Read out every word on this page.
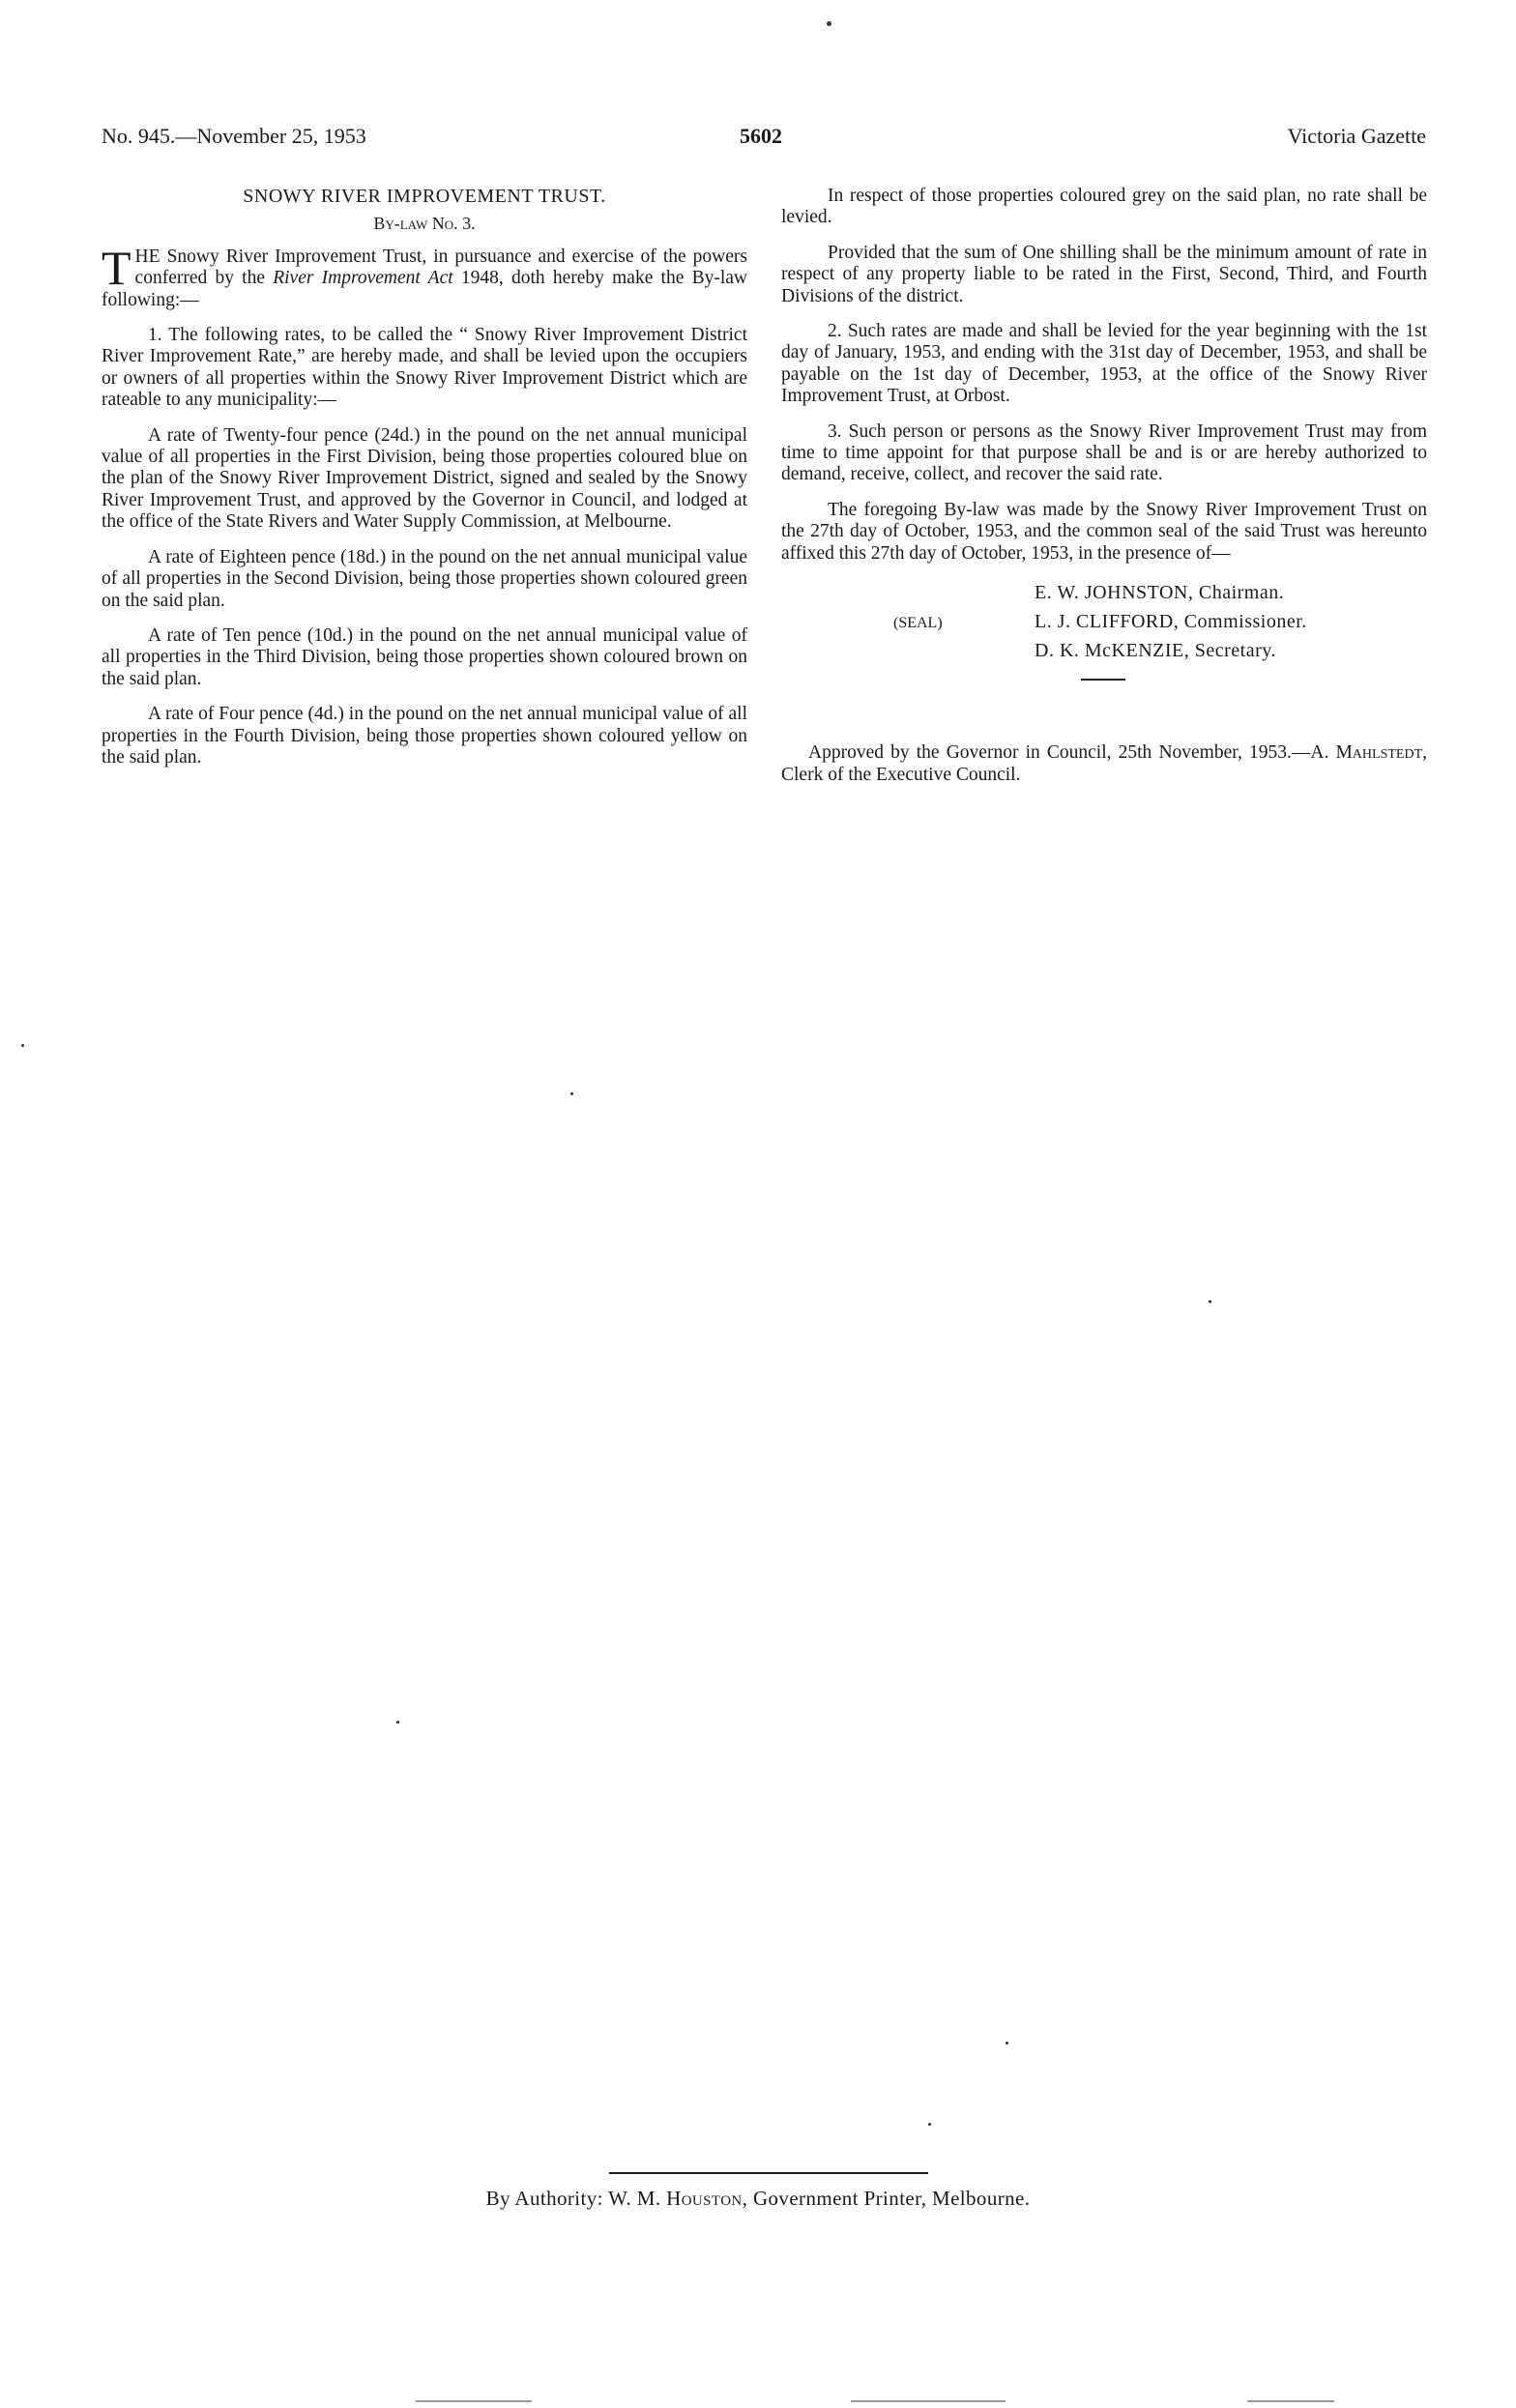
No. 945.—November 25, 1953	5602	Victoria Gazette
SNOWY RIVER IMPROVEMENT TRUST.
By-law No. 3.

THE Snowy River Improvement Trust, in pursuance and exercise of the powers conferred by the River Improvement Act 1948, doth hereby make the By-law following:—

1. The following rates, to be called the “ Snowy River Improvement District River Improvement Rate,” are hereby made, and shall be levied upon the occupiers or owners of all properties within the Snowy River Improvement District which are rateable to any municipality:—

A rate of Twenty-four pence (24d.) in the pound on the net annual municipal value of all properties in the First Division, being those properties coloured blue on the plan of the Snowy River Improvement District, signed and sealed by the Snowy River Improvement Trust, and approved by the Governor in Council, and lodged at the office of the State Rivers and Water Supply Commission, at Melbourne.

A rate of Eighteen pence (18d.) in the pound on the net annual municipal value of all properties in the Second Division, being those properties shown coloured green on the said plan.

A rate of Ten pence (10d.) in the pound on the net annual municipal value of all properties in the Third Division, being those properties shown coloured brown on the said plan.

A rate of Four pence (4d.) in the pound on the net annual municipal value of all properties in the Fourth Division, being those properties shown coloured yellow on the said plan.

In respect of those properties coloured grey on the said plan, no rate shall be levied.

Provided that the sum of One shilling shall be the minimum amount of rate in respect of any property liable to be rated in the First, Second, Third, and Fourth Divisions of the district.

2. Such rates are made and shall be levied for the year beginning with the 1st day of January, 1953, and ending with the 31st day of December, 1953, and shall be payable on the 1st day of December, 1953, at the office of the Snowy River Improvement Trust, at Orbost.

3. Such person or persons as the Snowy River Improvement Trust may from time to time appoint for that purpose shall be and is or are hereby authorized to demand, receive, collect, and recover the said rate.

The foregoing By-law was made by the Snowy River Improvement Trust on the 27th day of October, 1953, and the common seal of the said Trust was hereunto affixed this 27th day of October, 1953, in the presence of—

E. W. JOHNSTON, Chairman.
L. J. CLIFFORD, Commissioner.
D. K. McKENZIE, Secretary.
(SEAL)

Approved by the Governor in Council, 25th November, 1953.—A. Mahlstedt, Clerk of the Executive Council.

By Authority: W. M. Houston, Government Printer, Melbourne.
